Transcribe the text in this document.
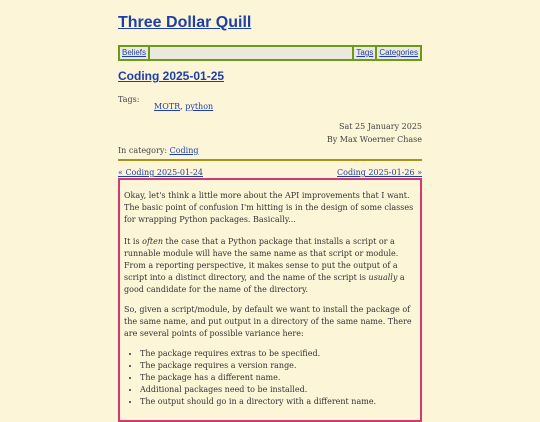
Three Dollar Quill
Beliefs	Tags Categories
Coding 2025-01-25
Tags:
MOTR, python
Sat 25 January 2025
By Max Woerner Chase
In category: Coding
« Coding 2025-01-24	Coding 2025-01-26 »

Okay, let's think a little more about the API improvements that I want. The basic point of confusion I'm hitting is in the design of some classes for wrapping Python packages. Basically...

It is often the case that a Python package that installs a script or a runnable module will have the same name as that script or module. From a reporting perspective, it makes sense to put the output of a script into a distinct directory, and the name of the script is usually a good candidate for the name of the directory.

So, given a script/module, by default we want to install the package of the same name, and put output in a directory of the same name. There are several points of possible variance here:

• The package requires extras to be specified.
• The package requires a version range.
• The package has a different name.
• Additional packages need to be installed.
• The output should go in a directory with a different name.
